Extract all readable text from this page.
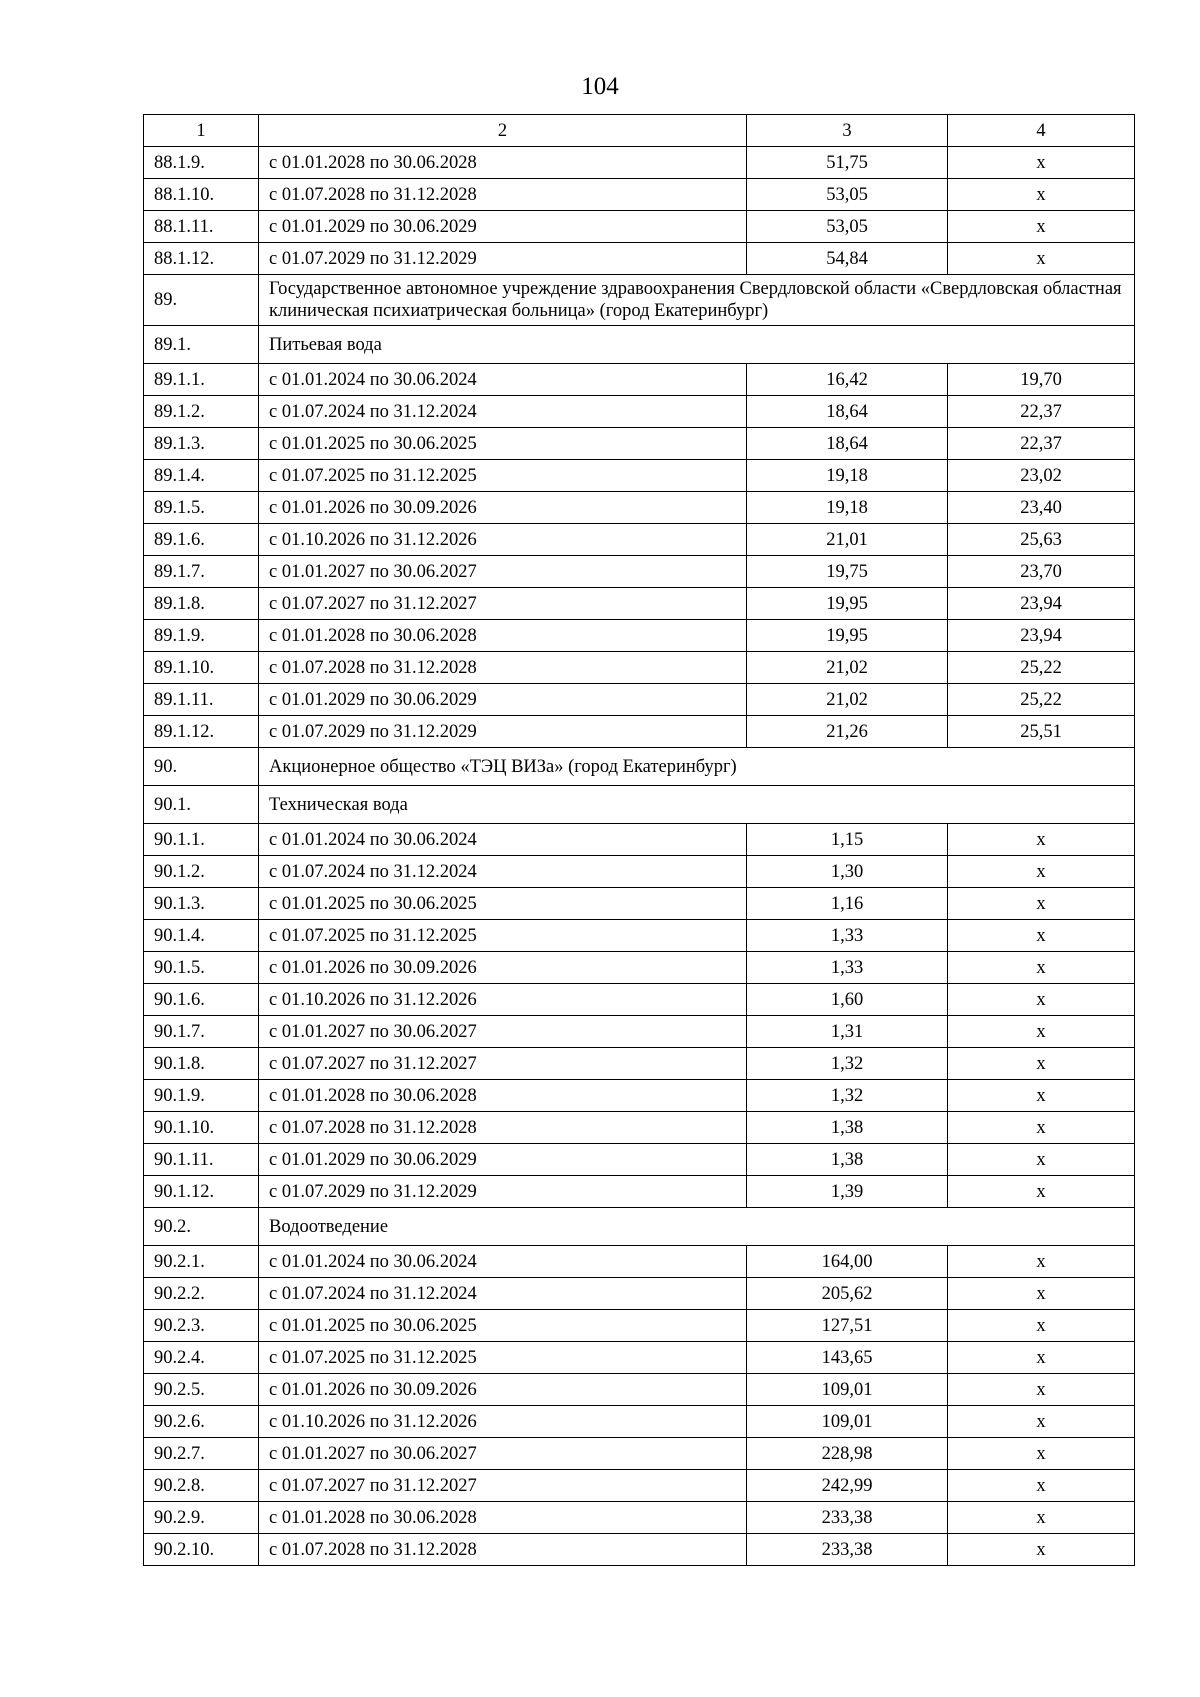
104
1	2	3	4
88.1.9.	с 01.01.2028 по 30.06.2028	51,75	х
88.1.10.	с 01.07.2028 по 31.12.2028	53,05	х
88.1.11.	с 01.01.2029 по 30.06.2029	53,05	х
88.1.12.	с 01.07.2029 по 31.12.2029	54,84	х
89.	Государственное автономное учреждение здравоохранения Свердловской области «Свердловская областная клиническая психиатрическая больница» (город Екатеринбург)		
89.1.	Питьевая вода		
89.1.1.	с 01.01.2024 по 30.06.2024	16,42	19,70
89.1.2.	с 01.07.2024 по 31.12.2024	18,64	22,37
89.1.3.	с 01.01.2025 по 30.06.2025	18,64	22,37
89.1.4.	с 01.07.2025 по 31.12.2025	19,18	23,02
89.1.5.	с 01.01.2026 по 30.09.2026	19,18	23,40
89.1.6.	с 01.10.2026 по 31.12.2026	21,01	25,63
89.1.7.	с 01.01.2027 по 30.06.2027	19,75	23,70
89.1.8.	с 01.07.2027 по 31.12.2027	19,95	23,94
89.1.9.	с 01.01.2028 по 30.06.2028	19,95	23,94
89.1.10.	с 01.07.2028 по 31.12.2028	21,02	25,22
89.1.11.	с 01.01.2029 по 30.06.2029	21,02	25,22
89.1.12.	с 01.07.2029 по 31.12.2029	21,26	25,51
90.	Акционерное общество «ТЭЦ ВИЗа» (город Екатеринбург)		
90.1.	Техническая вода		
90.1.1.	с 01.01.2024 по 30.06.2024	1,15	х
90.1.2.	с 01.07.2024 по 31.12.2024	1,30	х
90.1.3.	с 01.01.2025 по 30.06.2025	1,16	х
90.1.4.	с 01.07.2025 по 31.12.2025	1,33	х
90.1.5.	с 01.01.2026 по 30.09.2026	1,33	х
90.1.6.	с 01.10.2026 по 31.12.2026	1,60	х
90.1.7.	с 01.01.2027 по 30.06.2027	1,31	х
90.1.8.	с 01.07.2027 по 31.12.2027	1,32	х
90.1.9.	с 01.01.2028 по 30.06.2028	1,32	х
90.1.10.	с 01.07.2028 по 31.12.2028	1,38	х
90.1.11.	с 01.01.2029 по 30.06.2029	1,38	х
90.1.12.	с 01.07.2029 по 31.12.2029	1,39	х
90.2.	Водоотведение		
90.2.1.	с 01.01.2024 по 30.06.2024	164,00	х
90.2.2.	с 01.07.2024 по 31.12.2024	205,62	х
90.2.3.	с 01.01.2025 по 30.06.2025	127,51	х
90.2.4.	с 01.07.2025 по 31.12.2025	143,65	х
90.2.5.	с 01.01.2026 по 30.09.2026	109,01	х
90.2.6.	с 01.10.2026 по 31.12.2026	109,01	х
90.2.7.	с 01.01.2027 по 30.06.2027	228,98	х
90.2.8.	с 01.07.2027 по 31.12.2027	242,99	х
90.2.9.	с 01.01.2028 по 30.06.2028	233,38	х
90.2.10.	с 01.07.2028 по 31.12.2028	233,38	х
